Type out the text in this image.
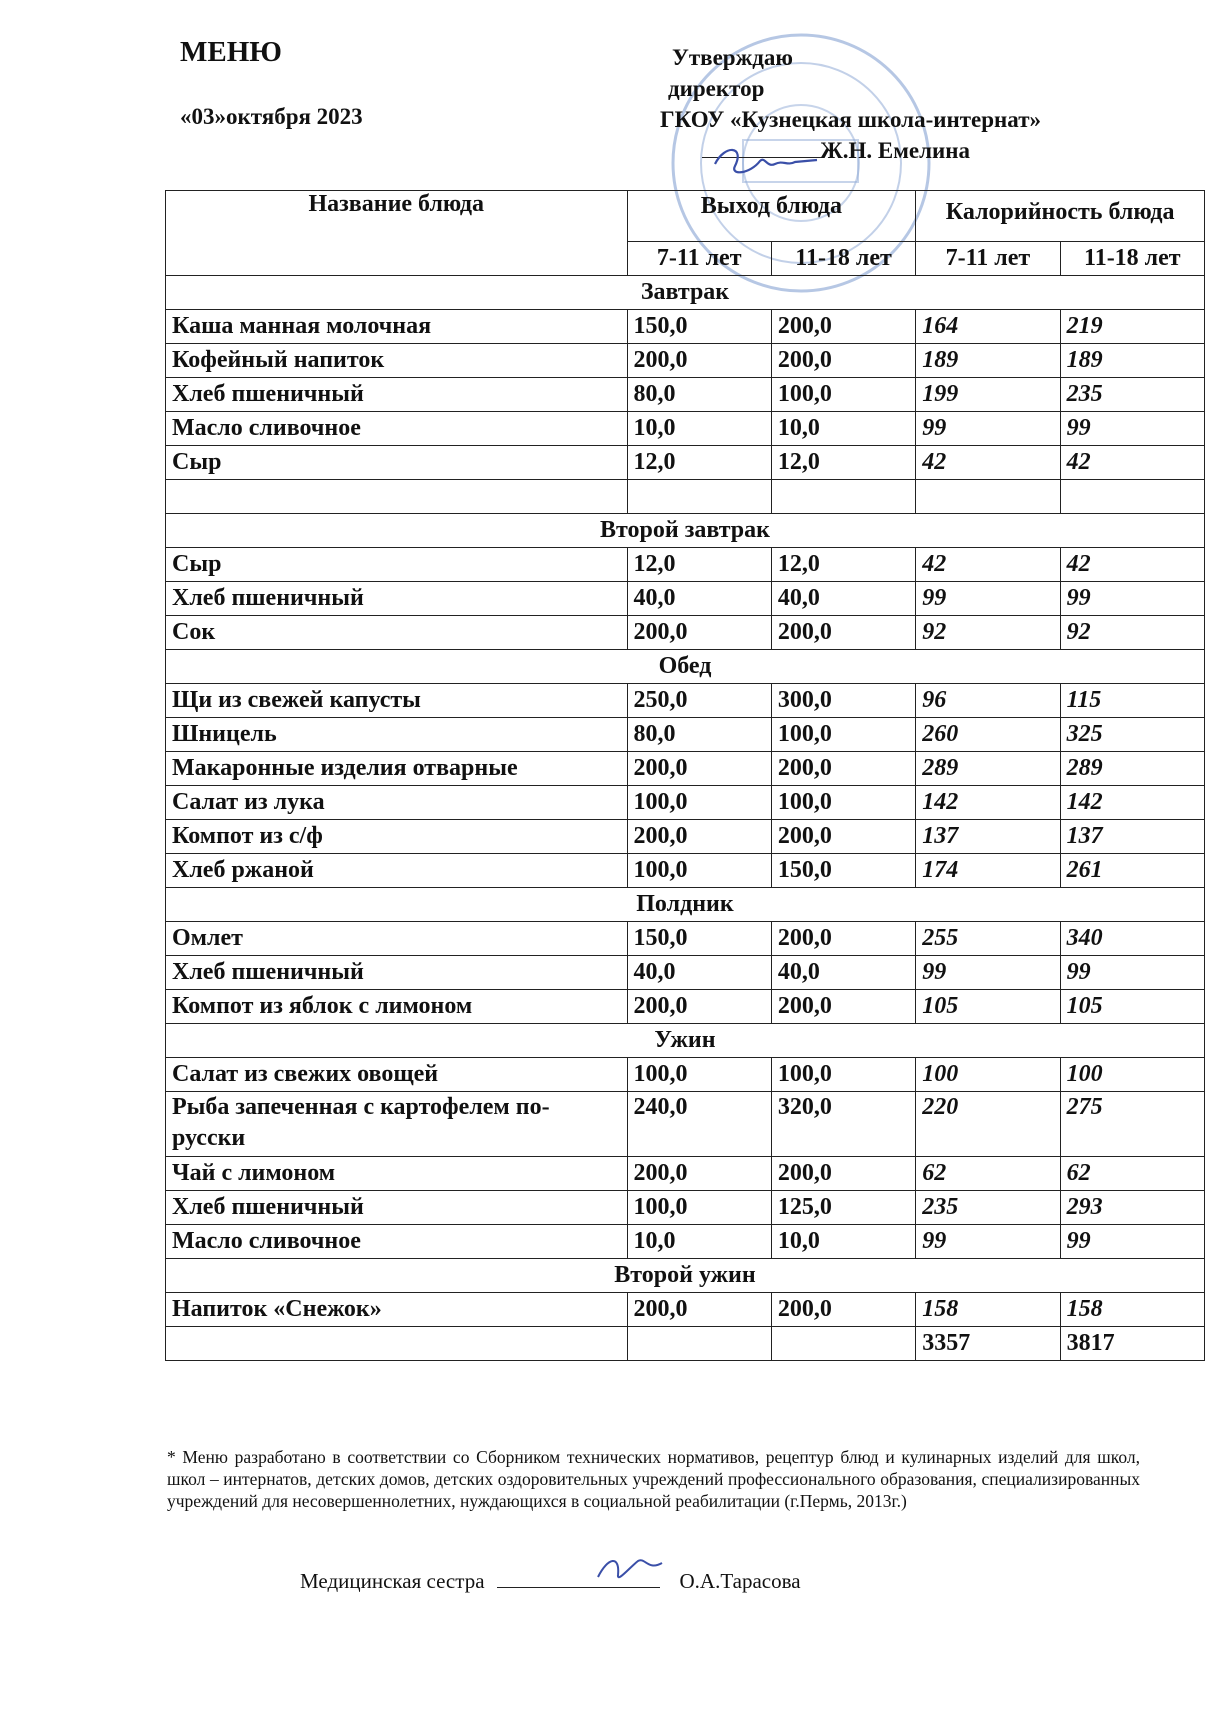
МЕНЮ
«03»октября 2023
Утверждаю
директор
ГКОУ «Кузнецкая школа-интернат»
Ж.Н. Емелина
Название блюда	Выход блюда		Калорийность блюда	
	7-11 лет	11-18 лет	7-11 лет	11-18 лет
Завтрак				
Каша манная молочная	150,0	200,0	164	219
Кофейный напиток	200,0	200,0	189	189
Хлеб пшеничный	80,0	100,0	199	235
Масло сливочное	10,0	10,0	99	99
Сыр	12,0	12,0	42	42

Второй завтрак				
Сыр	12,0	12,0	42	42
Хлеб пшеничный	40,0	40,0	99	99
Сок	200,0	200,0	92	92
Обед				
Щи из свежей капусты	250,0	300,0	96	115
Шницель	80,0	100,0	260	325
Макаронные изделия отварные	200,0	200,0	289	289
Салат из лука	100,0	100,0	142	142
Компот из с/ф	200,0	200,0	137	137
Хлеб ржаной	100,0	150,0	174	261
Полдник				
Омлет	150,0	200,0	255	340
Хлеб пшеничный	40,0	40,0	99	99
Компот из яблок с лимоном	200,0	200,0	105	105
Ужин				
Салат из свежих овощей	100,0	100,0	100	100
Рыба запеченная с картофелем по-русски	240,0	320,0	220	275
Чай с лимоном	200,0	200,0	62	62
Хлеб пшеничный	100,0	125,0	235	293
Масло сливочное	10,0	10,0	99	99
Второй ужин				
Напиток «Снежок»	200,0	200,0	158	158
			3357	3817
* Меню разработано в соответствии со Сборником технических нормативов, рецептур блюд и кулинарных изделий для школ, школ – интернатов, детских домов, детских оздоровительных учреждений профессионального образования, специализированных учреждений для несовершеннолетних, нуждающихся в социальной реабилитации (г.Пермь, 2013г.)
Медицинская сестра	О.А.Тарасова
